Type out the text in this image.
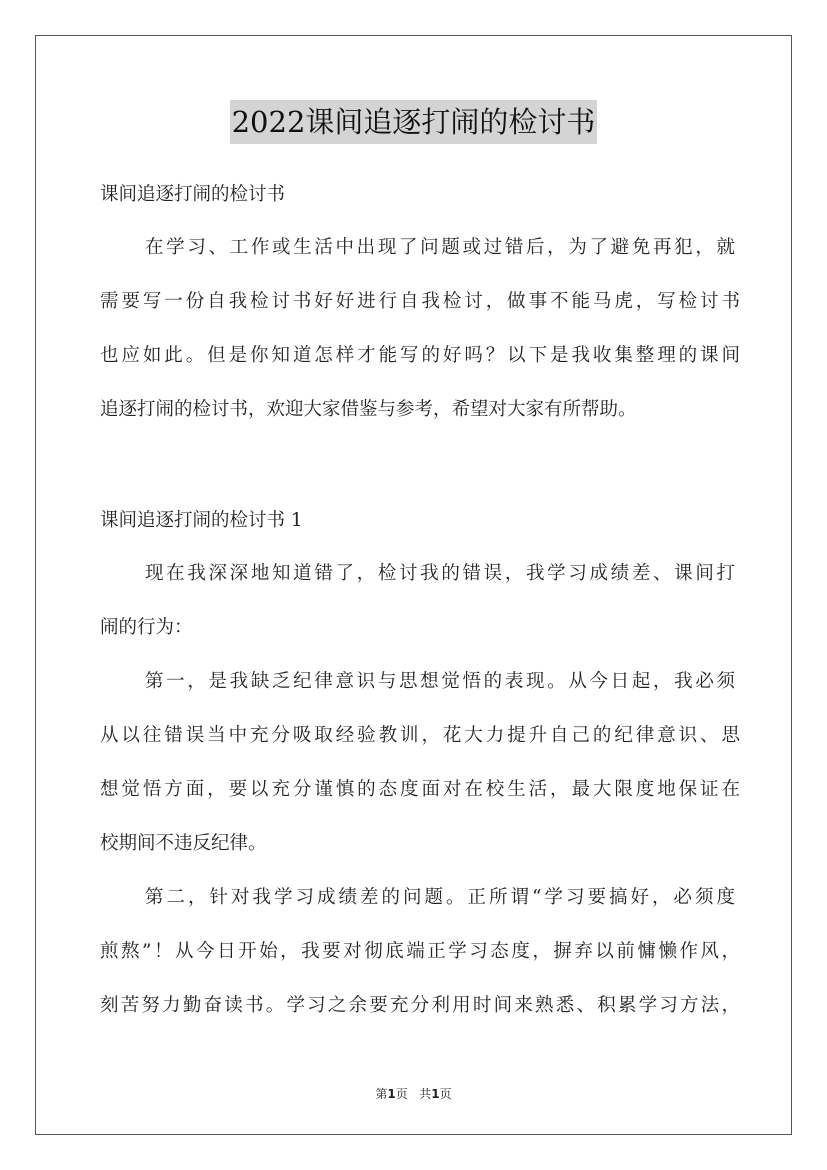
2022课间追逐打闹的检讨书
课间追逐打闹的检讨书
在学习、工作或生活中出现了问题或过错后，为了避免再犯，就
需要写一份自我检讨书好好进行自我检讨，做事不能马虎，写检讨书
也应如此。但是你知道怎样才能写的好吗？以下是我收集整理的课间
追逐打闹的检讨书，欢迎大家借鉴与参考，希望对大家有所帮助。
课间追逐打闹的检讨书 1
现在我深深地知道错了，检讨我的错误，我学习成绩差、课间打
闹的行为：
第一，是我缺乏纪律意识与思想觉悟的表现。从今日起，我必须
从以往错误当中充分吸取经验教训，花大力提升自己的纪律意识、思
想觉悟方面，要以充分谨慎的态度面对在校生活，最大限度地保证在
校期间不违反纪律。
第二，针对我学习成绩差的问题。正所谓“学习要搞好，必须度
煎熬”！从今日开始，我要对彻底端正学习态度，摒弃以前慵懒作风，
刻苦努力勤奋读书。学习之余要充分利用时间来熟悉、积累学习方法，
第1页   共1页
